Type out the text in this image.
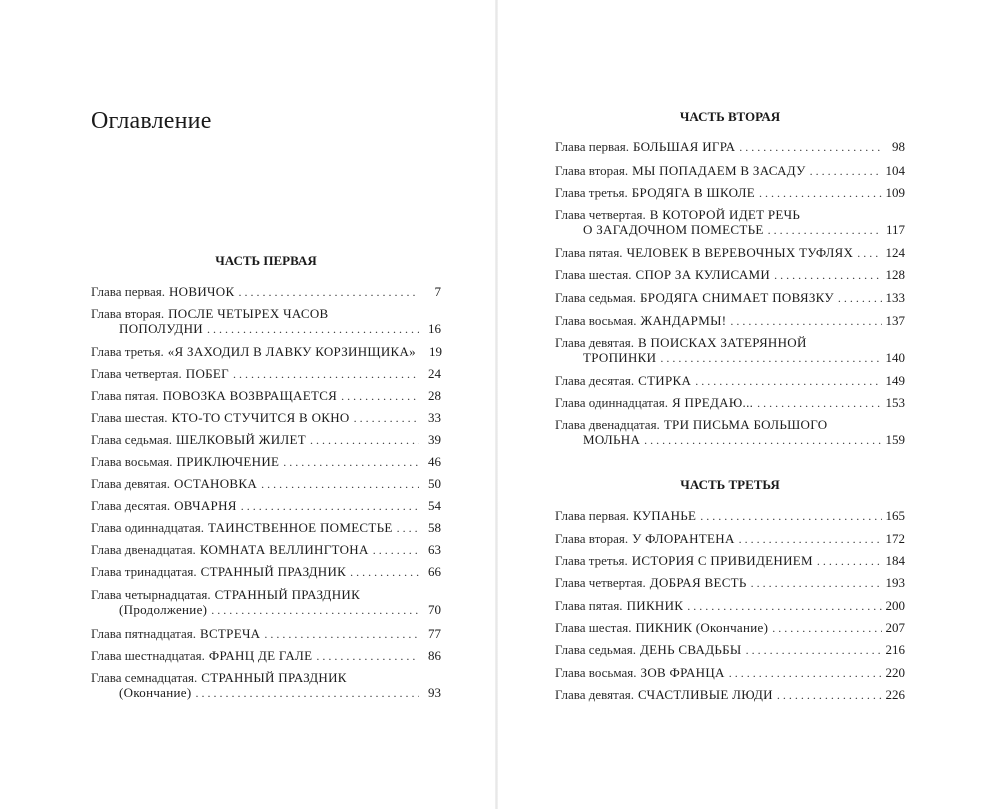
Оглавление
ЧАСТЬ ПЕРВАЯ
Глава первая. НОВИЧОК . . .	7
Глава вторая. ПОСЛЕ ЧЕТЫРЕХ ЧАСОВ
ПОПОЛУДНИ . . .	16
Глава третья. «Я ЗАХОДИЛ В ЛАВКУ КОРЗИНЩИКА»	19
Глава четвертая. ПОБЕГ . . .	24
Глава пятая. ПОВОЗКА ВОЗВРАЩАЕТСЯ . . .	28
Глава шестая. КТО-ТО СТУЧИТСЯ В ОКНО . . .	33
Глава седьмая. ШЕЛКОВЫЙ ЖИЛЕТ . . .	39
Глава восьмая. ПРИКЛЮЧЕНИЕ . . .	46
Глава девятая. ОСТАНОВКА . . .	50
Глава десятая. ОВЧАРНЯ . . .	54
Глава одиннадцатая. ТАИНСТВЕННОЕ ПОМЕСТЬЕ . . .	58
Глава двенадцатая. КОМНАТА ВЕЛЛИНГТОНА . . .	63
Глава тринадцатая. СТРАННЫЙ ПРАЗДНИК . . .	66
Глава четырнадцатая. СТРАННЫЙ ПРАЗДНИК
(Продолжение) . . .	70
Глава пятнадцатая. ВСТРЕЧА . . .	77
Глава шестнадцатая. ФРАНЦ ДЕ ГАЛЕ . . .	86
Глава семнадцатая. СТРАННЫЙ ПРАЗДНИК
(Окончание) . . .	93
ЧАСТЬ ВТОРАЯ
ЧАСТЬ ТРЕТЬЯ
Глава первая. БОЛЬШАЯ ИГРА . . .	98
Глава вторая. МЫ ПОПАДАЕМ В ЗАСАДУ . . .	104
Глава третья. БРОДЯГА В ШКОЛЕ . . .	109
Глава четвертая. В КОТОРОЙ ИДЕТ РЕЧЬ
О ЗАГАДОЧНОМ ПОМЕСТЬЕ . . .	117
Глава пятая. ЧЕЛОВЕК В ВЕРЕВОЧНЫХ ТУФЛЯХ . . . 124
Глава шестая. СПОР ЗА КУЛИСАМИ . . .	128
Глава седьмая. БРОДЯГА СНИМАЕТ ПОВЯЗКУ . . .	133
Глава восьмая. ЖАНДАРМЫ! . . .	137
Глава девятая. В ПОИСКАХ ЗАТЕРЯННОЙ
ТРОПИНКИ . . .	140
Глава десятая. СТИРКА . . .	149
Глава одиннадцатая. Я ПРЕДАЮ... . . .	153
Глава двенадцатая. ТРИ ПИСЬМА БОЛЬШОГО
МОЛЬНА . . .	159
Глава первая. КУПАНЬЕ . . .	165
Глава вторая. У ФЛОРАНТЕНА . . .	172
Глава третья. ИСТОРИЯ С ПРИВИДЕНИЕМ . . .	184
Глава четвертая. ДОБРАЯ ВЕСТЬ . . .	193
Глава пятая. ПИКНИК . . .	200
Глава шестая. ПИКНИК (Окончание) . . .	207
Глава седьмая. ДЕНЬ СВАДЬБЫ . . .	216
Глава восьмая. ЗОВ ФРАНЦА . . .	220
Глава девятая. СЧАСТЛИВЫЕ ЛЮДИ . . .	226
